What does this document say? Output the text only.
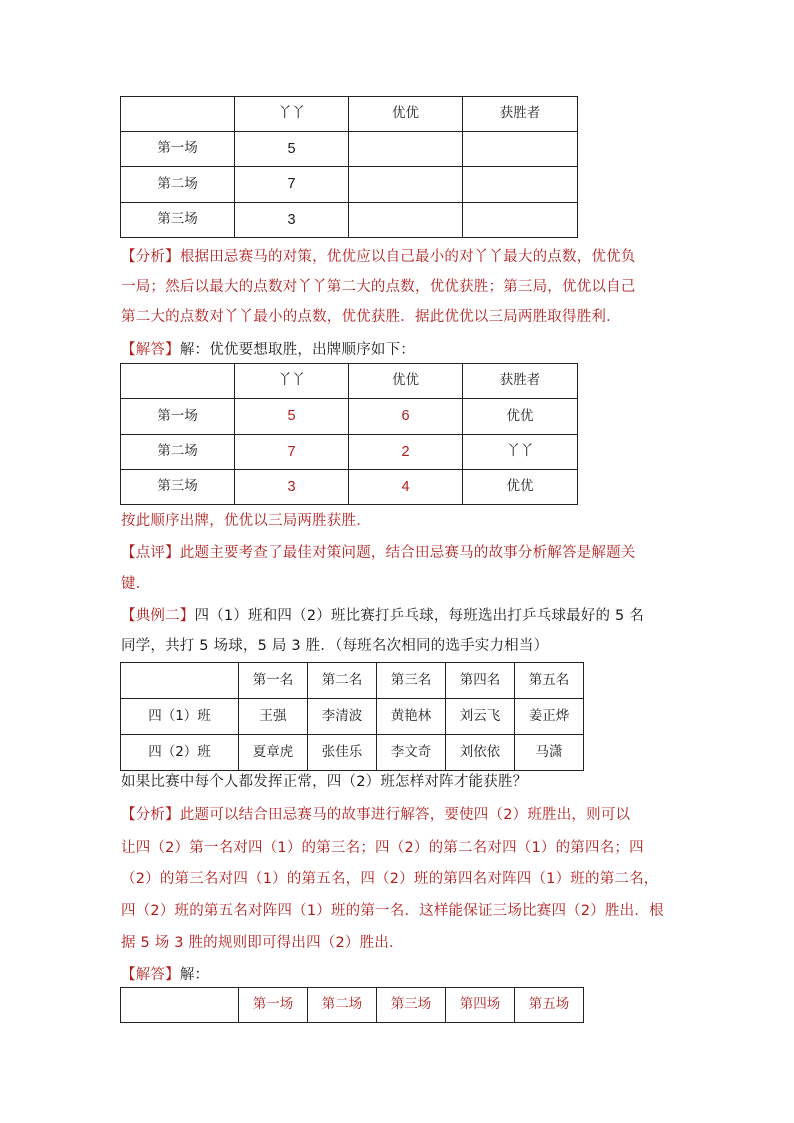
	丫丫	优优	获胜者
第一场	5		
第二场	7		
第三场	3		

【分析】根据田忌赛马的对策，优优应以自己最小的对丫丫最大的点数，优优负

一局；然后以最大的点数对丫丫第二大的点数，优优获胜；第三局，优优以自己

第二大的点数对丫丫最小的点数，优优获胜．据此优优以三局两胜取得胜利．

【解答】解：优优要想取胜，出牌顺序如下：

	丫丫	优优	获胜者
第一场	5	6	优优
第二场	7	2	丫丫
第三场	3	4	优优

按此顺序出牌，优优以三局两胜获胜．

【点评】此题主要考查了最佳对策问题，结合田忌赛马的故事分析解答是解题关

键．

【典例二】四（1）班和四（2）班比赛打乒乓球，每班选出打乒乓球最好的 5 名

同学，共打 5 场球，5 局 3 胜．（每班名次相同的选手实力相当）

	第一名	第二名	第三名	第四名	第五名
四（1）班	王强	李清波	黄艳林	刘云飞	姜正烨
四（2）班	夏章虎	张佳乐	李文奇	刘依依	马潇

如果比赛中每个人都发挥正常，四（2）班怎样对阵才能获胜？

【分析】此题可以结合田忌赛马的故事进行解答，要使四（2）班胜出，则可以

让四（2）第一名对四（1）的第三名；四（2）的第二名对四（1）的第四名；四

（2）的第三名对四（1）的第五名，四（2）班的第四名对阵四（1）班的第二名，

四（2）班的第五名对阵四（1）班的第一名．这样能保证三场比赛四（2）胜出．根

据 5 场 3 胜的规则即可得出四（2）胜出．

【解答】解：

	第一场	第二场	第三场	第四场	第五场
